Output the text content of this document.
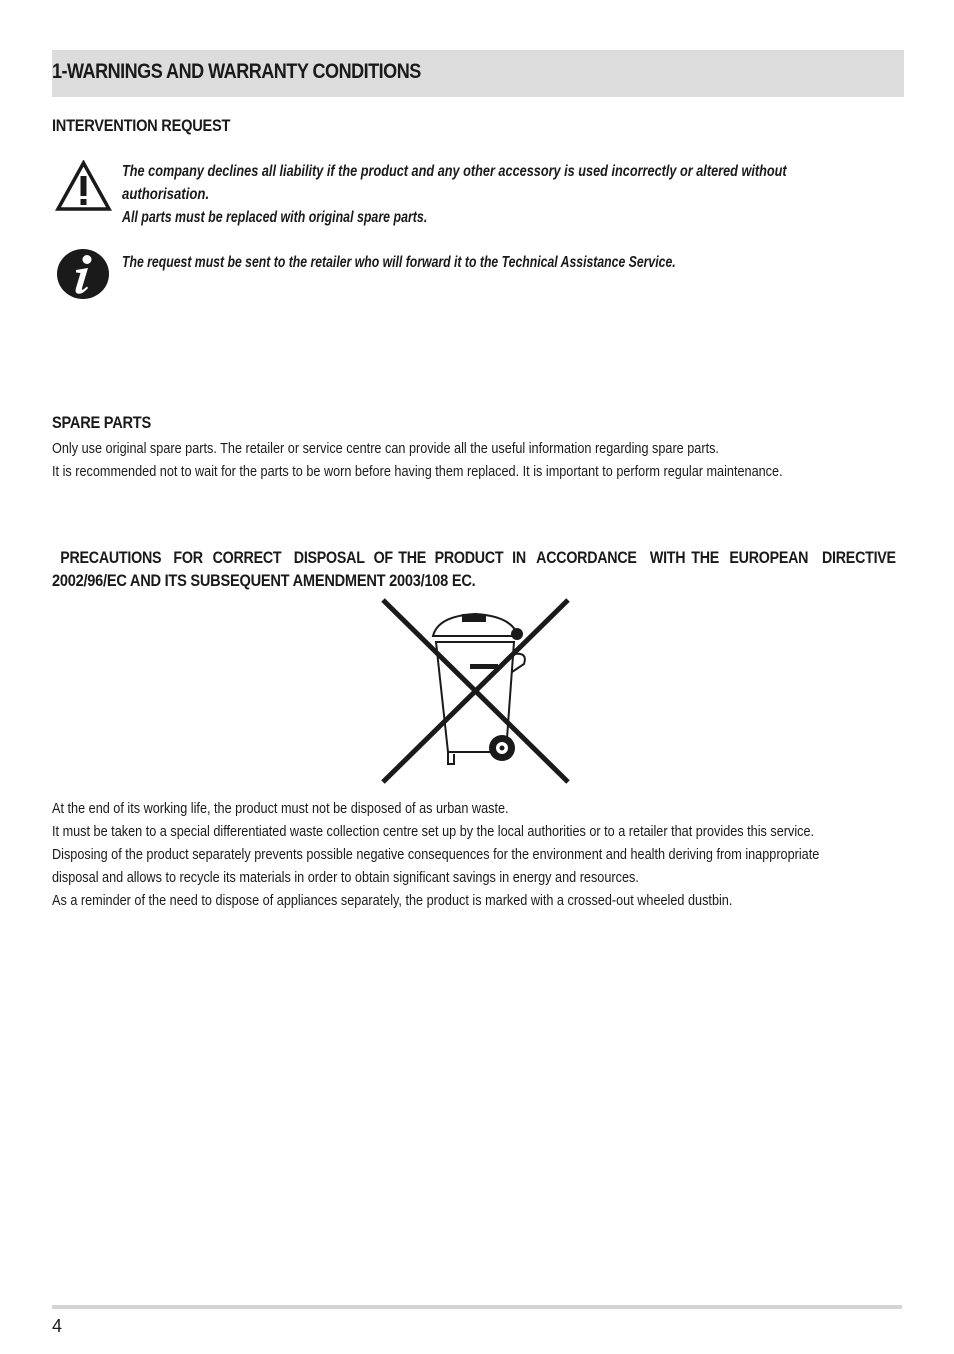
1-WARNINGS AND WARRANTY CONDITIONS
INTERVENTION REQUEST

The company declines all liability if the product and any other accessory is used incorrectly or altered without

authorisation.

All parts must be replaced with original spare parts.

The request must be sent to the retailer who will forward it to the Technical Assistance Service.

SPARE PARTS

Only use original spare parts. The retailer or service centre can provide all the useful information regarding spare parts.

It is recommended not to wait for the parts to be worn before having them replaced. It is important to perform regular maintenance.

PRECAUTIONS FOR CORRECT DISPOSAL OF THE PRODUCT IN ACCORDANCE WITH THE EUROPEAN DIRECTIVE
2002/96/EC AND ITS SUBSEQUENT AMENDMENT 2003/108 EC.

At the end of its working life, the product must not be disposed of as urban waste.

It must be taken to a special differentiated waste collection centre set up by the local authorities or to a retailer that provides this service.

Disposing of the product separately prevents possible negative consequences for the environment and health deriving from inappropriate

disposal and allows to recycle its materials in order to obtain significant savings in energy and resources.

As a reminder of the need to dispose of appliances separately, the product is marked with a crossed-out wheeled dustbin.

4
